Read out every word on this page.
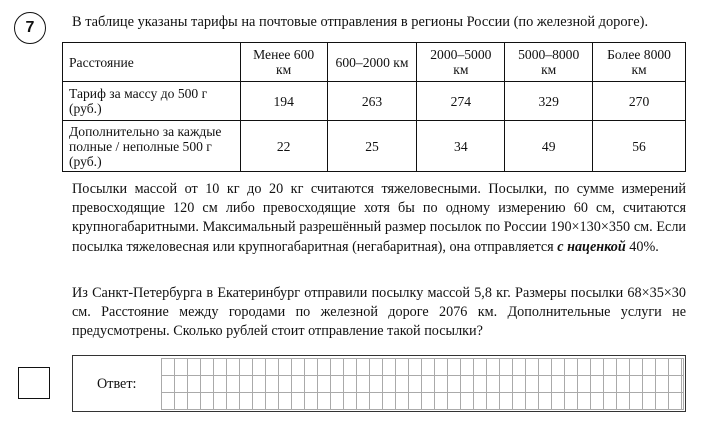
7	В таблице указаны тарифы на почтовые отправления в регионы России (по железной дороге).
Расстояние	Менее 600 км	600–2000 км	2000–5000 км	5000–8000 км	Более 8000 км
Тариф за массу до 500 г (руб.)	194	263	274	329	270
Дополнительно за каждые полные / неполные 500 г (руб.)	22	25	34	49	56
Посылки массой от 10 кг до 20 кг считаются тяжеловесными. Посылки, по сумме измерений превосходящие 120 см либо превосходящие хотя бы по одному измерению 60 см, считаются крупногабаритными. Максимальный разрешённый размер посылок по России 190×130×350 см. Если посылка тяжеловесная или крупногабаритная (негабаритная), она отправляется с наценкой 40%.
Из Санкт-Петербурга в Екатеринбург отправили посылку массой 5,8 кг. Размеры посылки 68×35×30 см. Расстояние между городами по железной дороге 2076 км. Дополнительные услуги не предусмотрены. Сколько рублей стоит отправление такой посылки?
Ответ:
